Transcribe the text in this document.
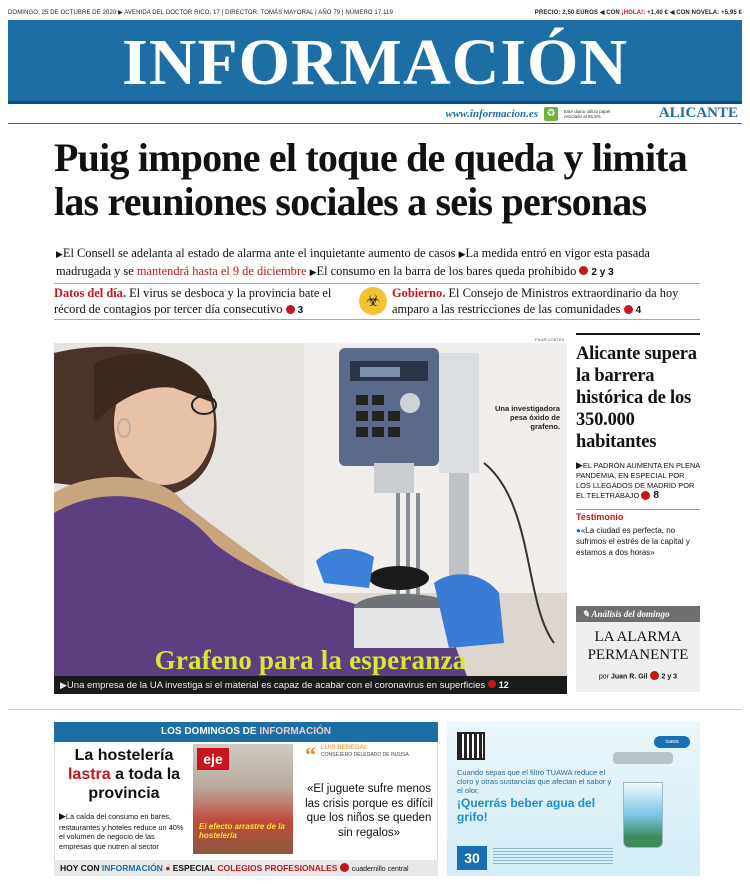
DOMINGO, 25 DE OCTUBRE DE 2020 ▶ AVENIDA DEL DOCTOR RICO, 17 | DIRECTOR: TOMÁS MAYORAL | AÑO 79 | NÚMERO 17.119	PRECIO: 2,50 EUROS ◀ CON ¡HOLA!: +1,40 € ◀ CON NOVELA: +5,95 €
INFORMACIÓN
www.informacion.es ♻	Este diario utiliza papel reciclado al 85,5%	ALICANTE
Puig impone el toque de queda y limita las reuniones sociales a seis personas
▶El Consell se adelanta al estado de alarma ante el inquietante aumento de casos ▶La medida entró en vigor esta pasada madrugada y se mantendrá hasta el 9 de diciembre ▶El consumo en la barra de los bares queda prohibido 2 y 3
Datos del día. El virus se desboca y la provincia bate el récord de contagios por tercer día consecutivo 3
☣ Gobierno. El Consejo de Ministros extraordinario da hoy amparo a las restricciones de las comunidades 4
PILAR CORTÉS
Una investigadora pesa óxido de grafeno.
Grafeno para la esperanza
▶Una empresa de la UA investiga si el material es capaz de acabar con el coronavirus en superficies 12
Alicante supera la barrera histórica de los 350.000 habitantes
▶EL PADRÓN AUMENTA EN PLENA PANDEMIA, EN ESPECIAL POR LOS LLEGADOS DE MADRID POR EL TELETRABAJO 8
Testimonio
●«La ciudad es perfecta, no sufrimos el estrés de la capital y estamos a dos horas»
✎ Análisis del domingo
LA ALARMA PERMANENTE
por Juan R. Gil 2 y 3
LOS DOMINGOS DE INFORMACIÓN
La hostelería
lastra a toda la provincia
▶La caída del consumo en bares, restaurantes y hoteles reduce un 40% el volumen de negocio de las empresas que nutren al sector
eje
El efecto arrastre de la hostelería
“ LUIS BEBEGAL
CONSEJERO DELEGADO DE INJUSA
«El juguete sufre menos las crisis porque es difícil que los niños se queden sin regalos»
HOY CON INFORMACIÓN ● ESPECIAL COLEGIOS PROFESIONALES cuadernillo central
tuawa
Cuando sepas que el filtro TUAWA reduce el cloro y otras sustancias que afectan el sabor y el olor,
¡Querrás beber agua del grifo!
30
